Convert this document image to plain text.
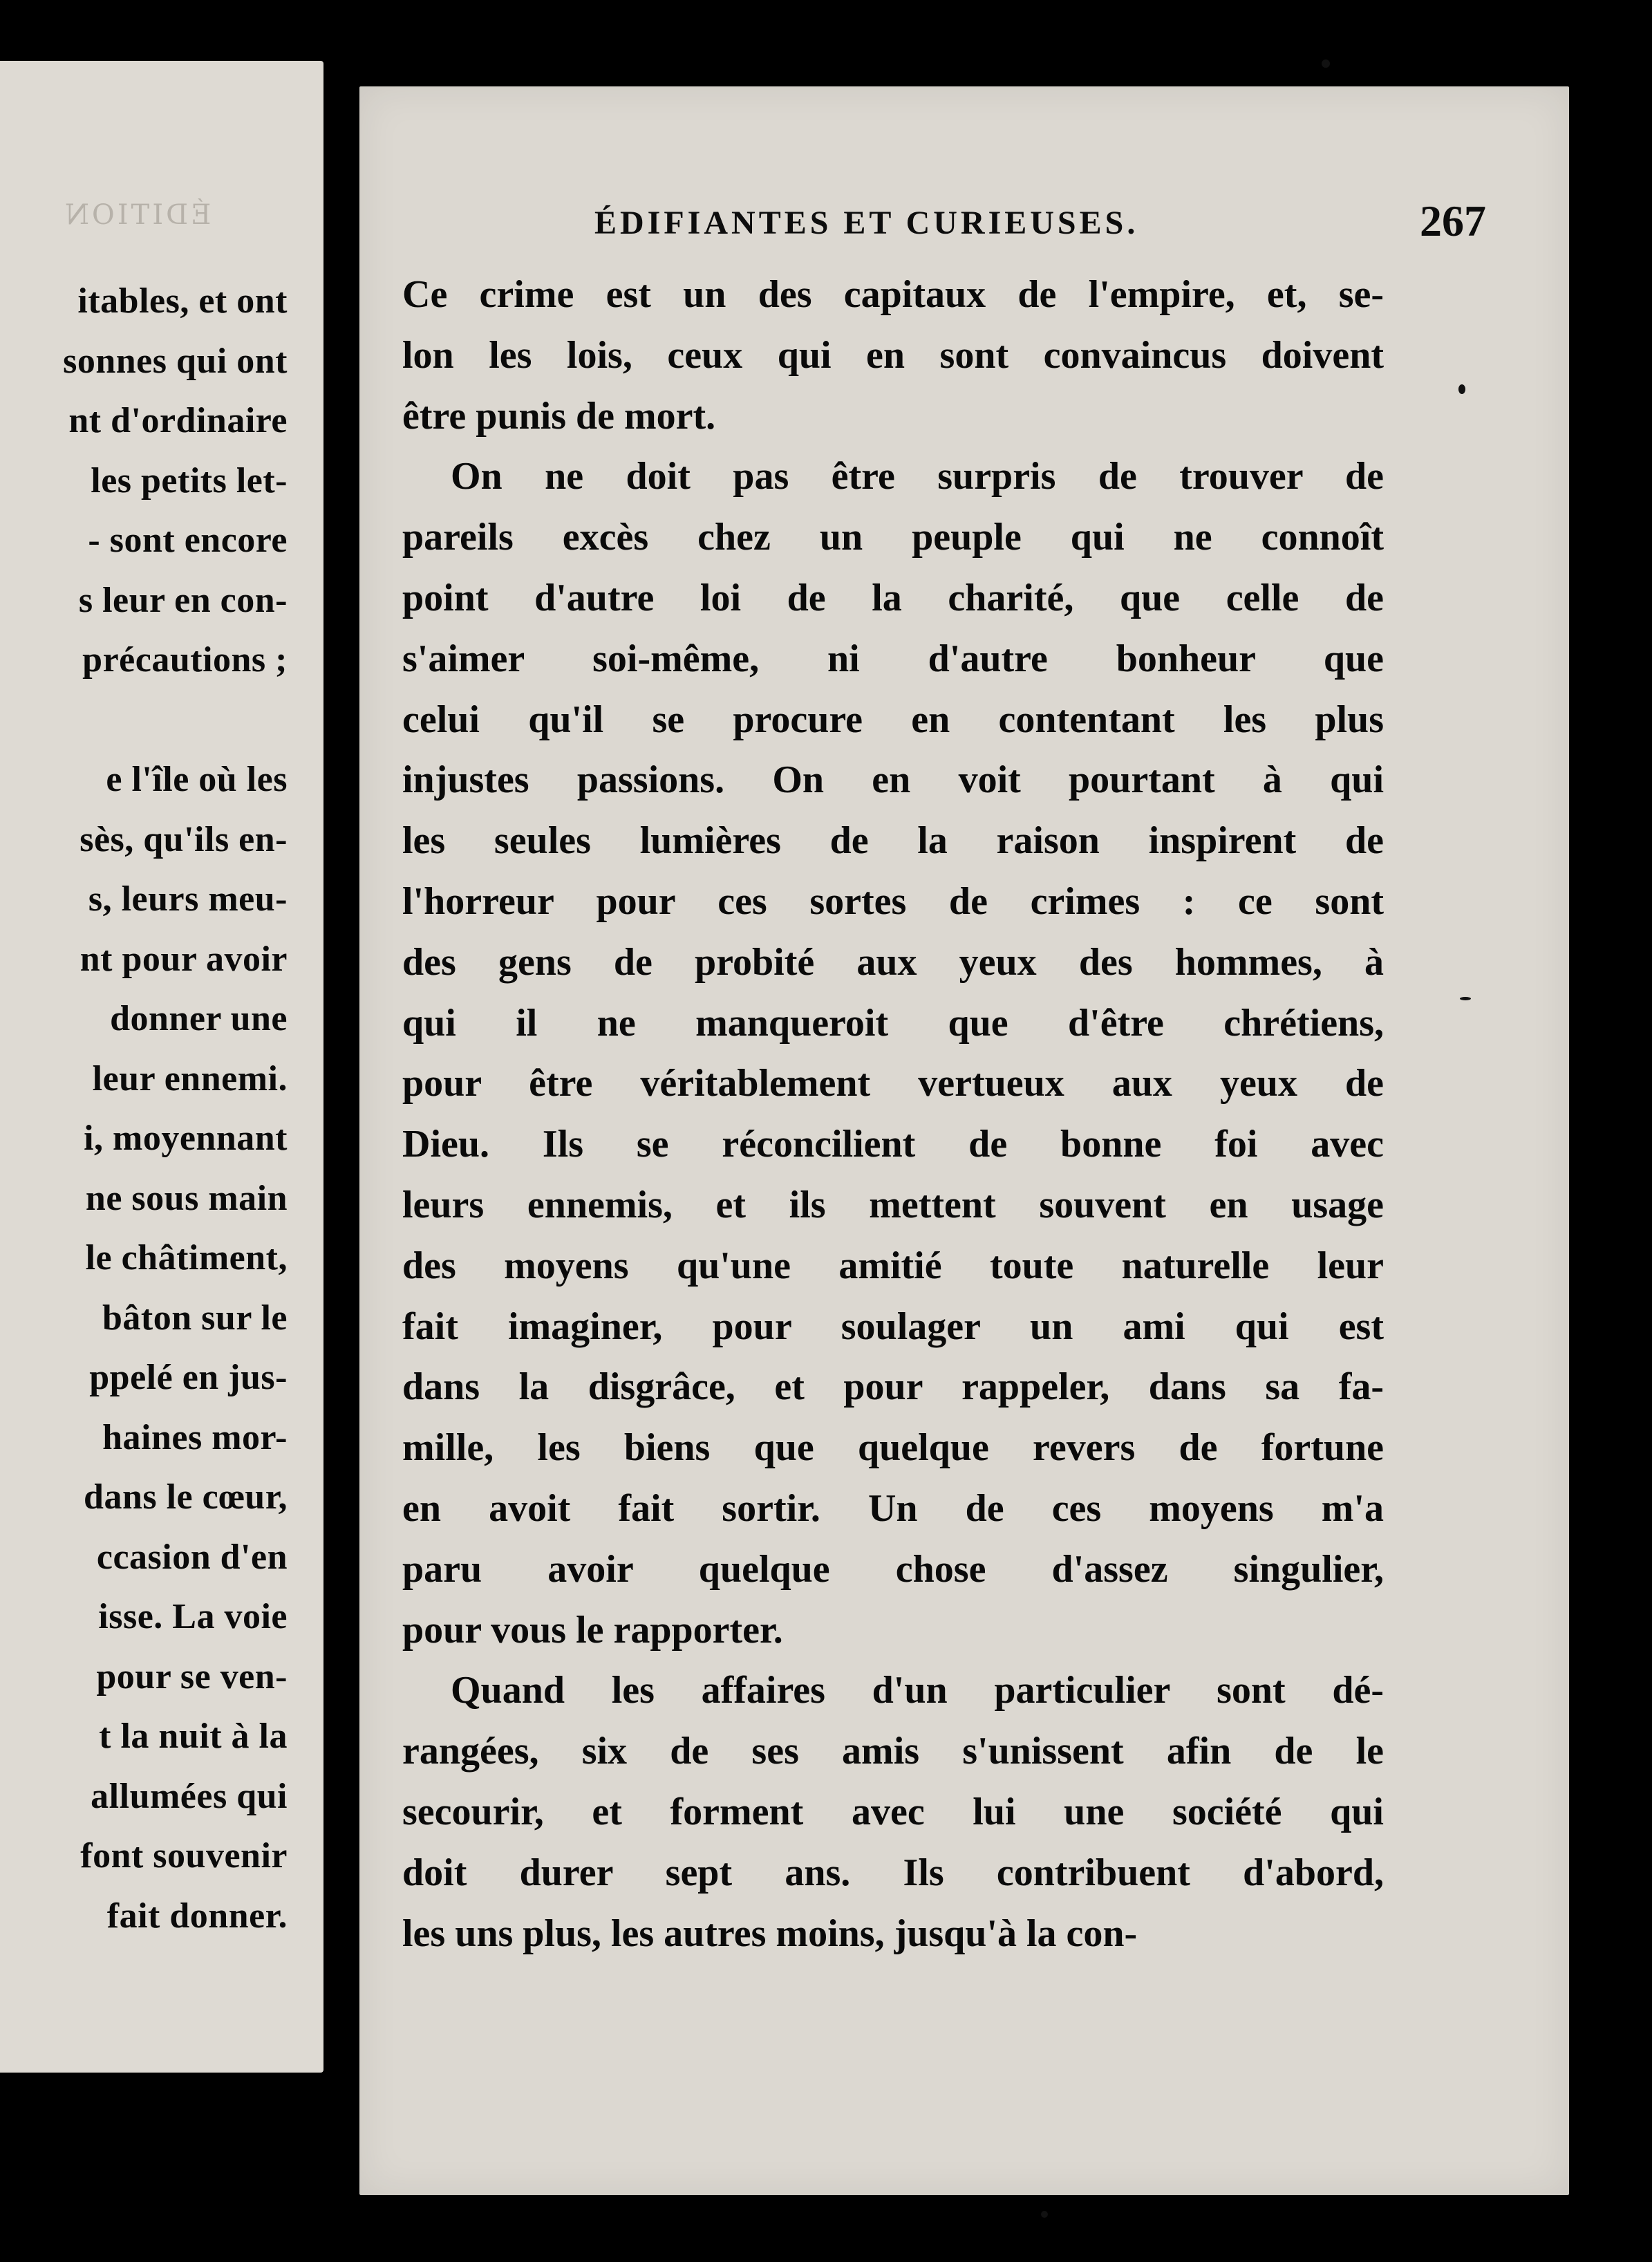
ÉDITION
itables, et ont
sonnes qui ont
nt d'ordinaire
les petits let-
- sont encore
s leur en con-
précautions ;

e l'île où les
sès, qu'ils en-
s, leurs meu-
nt pour avoir
donner une
leur ennemi.
i, moyennant
ne sous main
le châtiment,
bâton sur le
ppelé en jus-
haines mor-
dans le cœur,
ccasion d'en
isse. La voie
pour se ven-
t la nuit à la
allumées qui
font souvenir
fait donner.
ÉDIFIANTES ET CURIEUSES.	267
Ce crime est un des capitaux de l'empire, et, se-
lon les lois, ceux qui en sont convaincus doivent
être punis de mort.
On ne doit pas être surpris de trouver de
pareils excès chez un peuple qui ne connoît
point d'autre loi de la charité, que celle de
s'aimer soi-même, ni d'autre bonheur que
celui qu'il se procure en contentant les plus
injustes passions. On en voit pourtant à qui
les seules lumières de la raison inspirent de
l'horreur pour ces sortes de crimes : ce sont
des gens de probité aux yeux des hommes, à
qui il ne manqueroit que d'être chrétiens,
pour être véritablement vertueux aux yeux de
Dieu. Ils se réconcilient de bonne foi avec
leurs ennemis, et ils mettent souvent en usage
des moyens qu'une amitié toute naturelle leur
fait imaginer, pour soulager un ami qui est
dans la disgrâce, et pour rappeler, dans sa fa-
mille, les biens que quelque revers de fortune
en avoit fait sortir. Un de ces moyens m'a
paru avoir quelque chose d'assez singulier,
pour vous le rapporter.
Quand les affaires d'un particulier sont dé-
rangées, six de ses amis s'unissent afin de le
secourir, et forment avec lui une société qui
doit durer sept ans. Ils contribuent d'abord,
les uns plus, les autres moins, jusqu'à la con-
